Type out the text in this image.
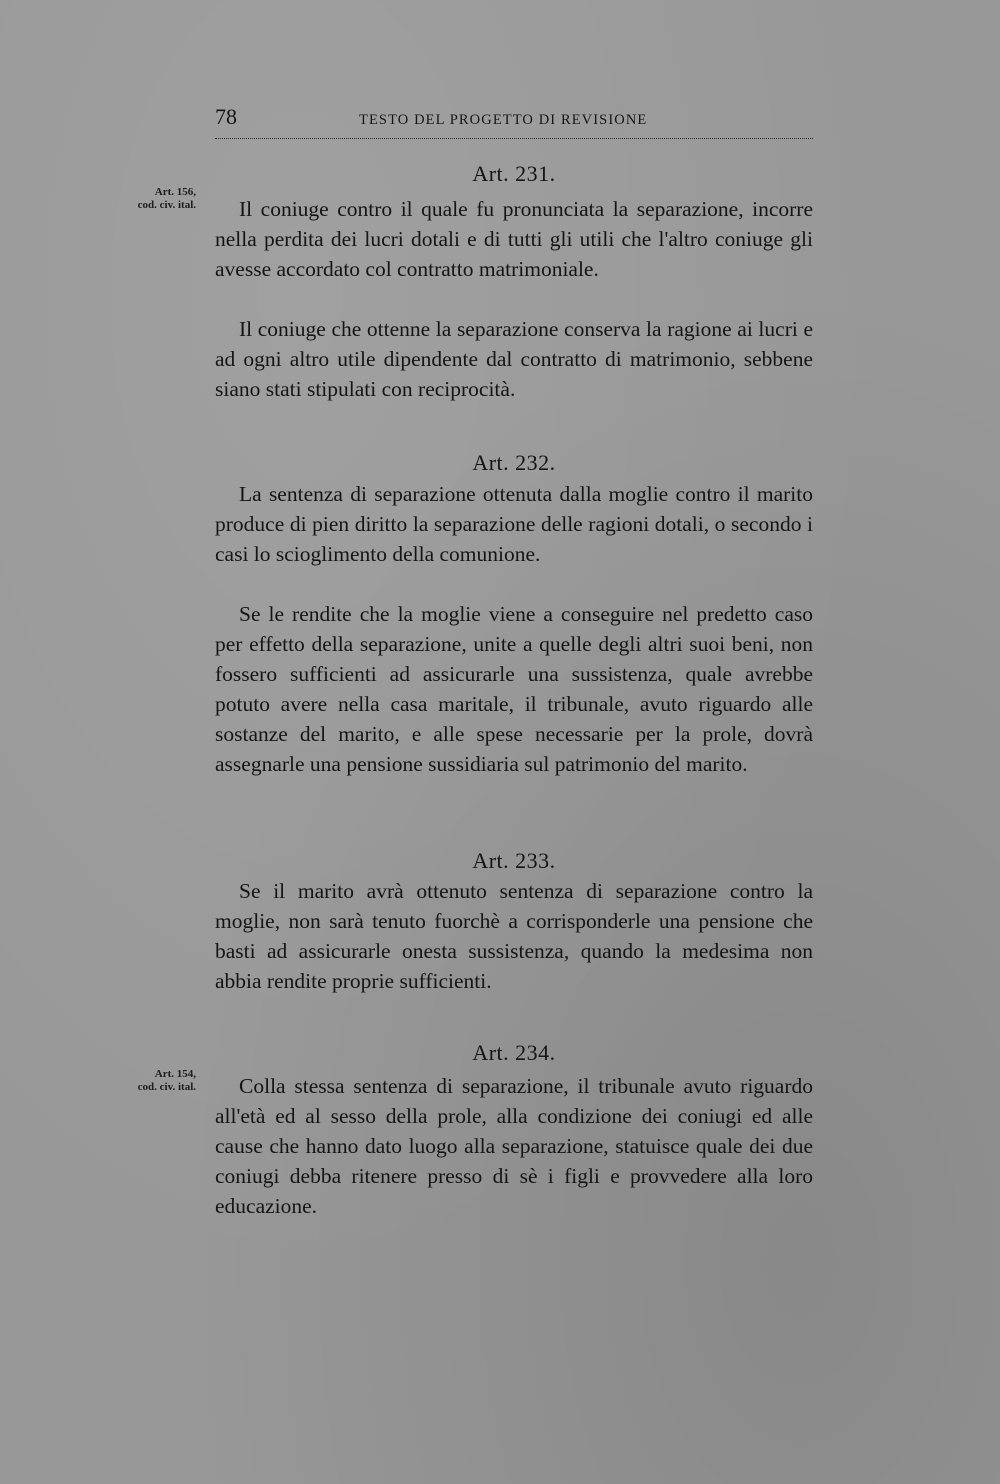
78	TESTO DEL PROGETTO DI REVISIONE
Art. 156,
cod. civ. ital.
Art. 231.

Il coniuge contro il quale fu pronunciata la separazione, incorre nella perdita dei lucri dotali e di tutti gli utili che l'altro coniuge gli avesse accordato col contratto matrimoniale.

Il coniuge che ottenne la separazione conserva la ragione ai lucri e ad ogni altro utile dipendente dal contratto di matrimonio, sebbene siano stati stipulati con reciprocità.

Art. 232.

La sentenza di separazione ottenuta dalla moglie contro il marito produce di pien diritto la separazione delle ragioni dotali, o secondo i casi lo scioglimento della comunione.

Se le rendite che la moglie viene a conseguire nel predetto caso per effetto della separazione, unite a quelle degli altri suoi beni, non fossero sufficienti ad assicurarle una sussistenza, quale avrebbe potuto avere nella casa maritale, il tribunale, avuto riguardo alle sostanze del marito, e alle spese necessarie per la prole, dovrà assegnarle una pensione sussidiaria sul patrimonio del marito.

Art. 233.

Se il marito avrà ottenuto sentenza di separazione contro la moglie, non sarà tenuto fuorchè a corrisponderle una pensione che basti ad assicurarle onesta sussistenza, quando la medesima non abbia rendite proprie sufficienti.

Art. 154,
cod. civ. ital.
Art. 234.

Colla stessa sentenza di separazione, il tribunale avuto riguardo all'età ed al sesso della prole, alla condizione dei coniugi ed alle cause che hanno dato luogo alla separazione, statuisce quale dei due coniugi debba ritenere presso di sè i figli e provvedere alla loro educazione.
